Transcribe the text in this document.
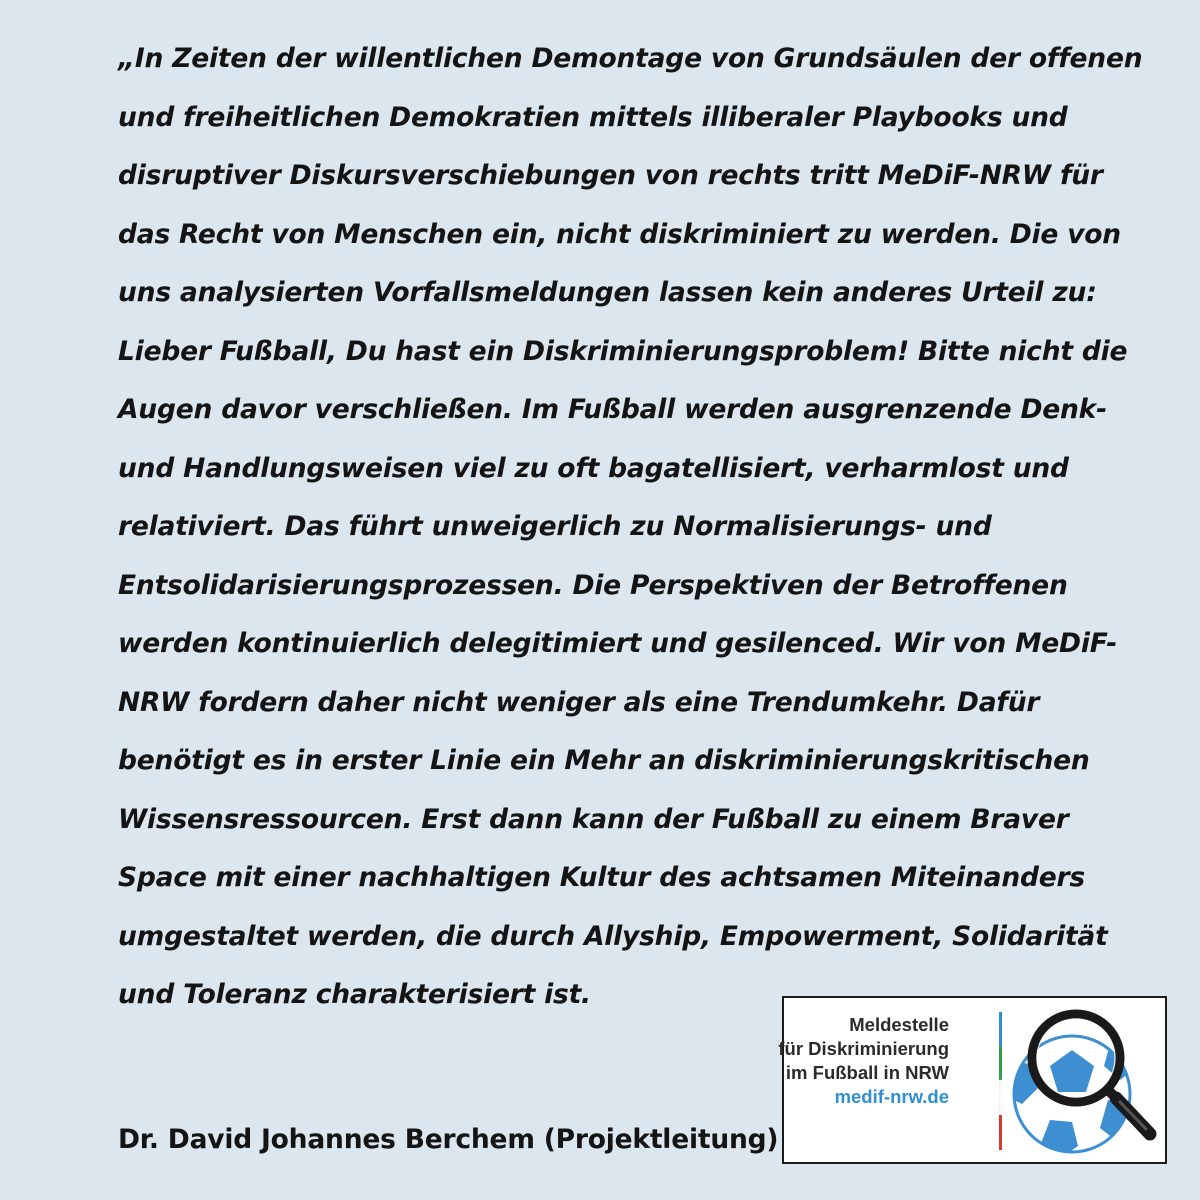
„In Zeiten der willentlichen Demontage von Grundsäulen der offenen
und freiheitlichen Demokratien mittels illiberaler Playbooks und
disruptiver Diskursverschiebungen von rechts tritt MeDiF-NRW für
das Recht von Menschen ein, nicht diskriminiert zu werden. Die von
uns analysierten Vorfallsmeldungen lassen kein anderes Urteil zu:
Lieber Fußball, Du hast ein Diskriminierungsproblem! Bitte nicht die
Augen davor verschließen. Im Fußball werden ausgrenzende Denk-
und Handlungsweisen viel zu oft bagatellisiert, verharmlost und
relativiert. Das führt unweigerlich zu Normalisierungs- und
Entsolidarisierungsprozessen. Die Perspektiven der Betroffenen
werden kontinuierlich delegitimiert und gesilenced. Wir von MeDiF-
NRW fordern daher nicht weniger als eine Trendumkehr. Dafür
benötigt es in erster Linie ein Mehr an diskriminierungskritischen
Wissensressourcen. Erst dann kann der Fußball zu einem Braver
Space mit einer nachhaltigen Kultur des achtsamen Miteinanders
umgestaltet werden, die durch Allyship, Empowerment, Solidarität
und Toleranz charakterisiert ist.
Dr. David Johannes Berchem (Projektleitung)
Meldestelle
für Diskriminierung
im Fußball in NRW
medif-nrw.de
